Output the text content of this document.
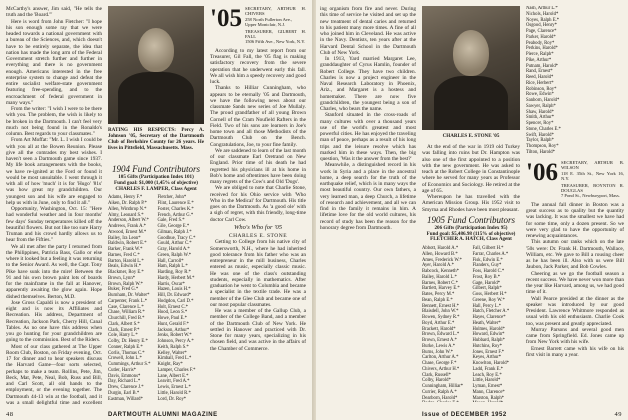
McCarthy's answer, Jim said, "He tells the truth and the 'Board.'"

Here is word from John Fletcher: "I hope his son enough some ray that we were headed towards a national government with a bureau of the Sciences, and, which doesn't have to be entirely separate, the idea that nation has made the long arm of the Federal Government stretch further and further in everything and there is no government enough. Americans interested in the free enterprise system to change and defeat the entire socialist welfare-state government featuring free-spending, and to the encroachment of federal government in many ways."

From the writer: "I wish I were to be there with you. The problem, the wish is likely to be broken in the Dartmouth. I can't feel very much not being found in the Ronaldo's column. Best regards to your classmates."

From Art Moffat: "Mr. L. I wish I could be with you all at the Bowen Reunion. Please give all the comrades my best wishes. I haven't seen a Dartmouth game since 1937. My life book arrangements with the books, we have re-ignited at the Ford or found it would be most unsuitable. I went through it with all of how 'much' it is for 'Hugo' '81s' was how great my grandchildren. Our youngest son and his wife are engaged to help us with in June, only to find it all."

Opportunity, Washington, Oct. 15: "Here had wonderful weather and in four months' few days' Sunday temperatures killed off the beautiful flowers. But not like too sure Harry Truman and his crowd hardly allows us to hear from the Fifties."

We all met after the party I returned from the Philippines, Patricia Bass, Gallo or else where it looked but a feeling it was returning to the Senior Award. As well, the Capt. Tony Pike have sunk into the mire! Between the 91 and his own brown paint lots of boards for the mainframe in the fall at Hanover, apparently awaiting the glow again. Hope dished themselves. Berton, M.D.

Jose Gross Capaldi is now a president of eight and is now its Affiliates and Recreation. His address, Department of Recreation, Jackson Park, Cherry Hill, Canal Tables. As no one have this address when you go hunting for your grandchildren are going to the commission. Best of the Riders.

Most of our class gathered at The Upper Room Club, Boston, on Friday evening, Oct. 17 for dinner and to hear speakers discuss the Harvard Game—four sorts selected, perhaps to make a team. Rollins, Pete, Jim, Beck, Mat, Pete, Neal, Bob, Russ and Bill, and Carl Scott, all old hands to the employment, or the evening together. The Dartmouth 44-13 win at the football, and it was a small delightful time and excellent

RATING HIS RESPECTS: Percy A. Johnson '05, Secretary of the Dartmouth Club of Berkshire County for 26 years. He lives in Pittsfield, Massachusetts. Mass.
1904 Fund Contributors
105 Gifts (Participation Index 101)
Fund goal: $1,000 (1,45% of objective)
CHARLES F. LAMPER, Class Agent
Adams, Henry F.*
Aiken, Dr. Ralph P.*
Allen, Winthrop N.*
Almy, Leonard S.*
Anderson, Albert W.*
Andrews, Frank A.*
Atwood, Ernest M.*
Bailey, Ira Leon*
Baldwin, Robert E.*
Barker, Frank W.*
Barnes, Fred C.*
Barton, Harold L.*
Beals, Edwin H.*
Blackmer, Roy E.*
Brown, Lynn*
Brown, Ralph W.*
Buker, Fred G.*
Burnham, Dr. Walter*
Carpenter, Frank L.*
Case, Clarence L.*
Chase, William R.*
Churchill, Fred B.*
Clark, Albert S.*
Clark, Ernest P.*
Cole, Harry L.*
Colby, Dr. Henry E.*
Conner, Ralph E.*
Corlis, Thomas C.*
Crowell, John L.*
Cummings, Arthur S.*
Cutler, Harris*
Davis, Emmons*
Day, Richard L.*
Drew, Clarence J.*
Durgin, Earl B.*
Eastman, Willard*

Fletcher, John*
Flint, Laurence E.*
Foster, Charles K.*
French, Arthur G.*
Gale, Fred S.*
Gile, George E.*
Gilman, Ralph J.*
Goodhue, Tracy C.*
Gould, Arthur C.*
Gray, Harold A.*
Green, Ralph W.*
Hall, Carroll*
Ham, Ralph L.*
Harding, Roy R.*
Hardy, Herbert M.*
Harris, Oscar*
Hazen, Louis H.*
Hill, Dr. Edward*
Hodgdon, Carl D.*
Holt, Ernest C.*
Hood, Leon S.*
Howe, Paul E.*
Hunt, Gerald F.*
Jackson, Arthur*
Jenks, Robert W.*
Johnson, Percy A.*
Keith, Ralph S.*
Kelley, Walter*
Kimball, Fred L.*
Knight, Ray*
Lamper, Charles F.*
Lane, Albert E.*
Leavitt, Fred A.*
Lewis, Ernest L.*
Little, Harold R.*
Lord, Dr. Roy*

'05 SECRETARY, ARTHUR H. CHIVERS
258 North Fullerton Ave.,
Upper Montclair, N.J.
TREASURER, GILBERT H. FALL
1506 Fifth Ave., New York, N.Y.

According to my latest report from our Treasurer, Gil Fall, the '05 flag is making satisfactory recovery from the severe operation that he underwent early this fall. We all wish him a speedy recovery and good luck.

Thanks to Hilliar Cunningham, who appears to be eternally '05 and Dartmouth, we have the following news about our classmate Sands new series of Joe Mullaly. The proud grandfather of all young Brown Cornell of the Cram Noufield Rafters in the Field. Two of his sons are learners in Joe's home town and all those Methodists of the Dartmouth Club on the Bench. Congratulations, Joe, to your fine family.

We are saddened to learn of the last month of our classmate Earl Oretrand on New England. Prior time of his death he had regretted his physicians ill at his home in Bob's home and oftentimes have been doing many regrets of the Cow's and Old 'Dogs'.

We are obliged to note that Charlie Stone, received for his Ohio service with 'Who Who in the Medical' for Dartmouth. His title goes on the Dartmouth. As 'a good ole' with a sigh of regret, with this friendly, long-time doctor Carl Cow.

Who's Who for '05

CHARLES E. STONE

Getting to College from his native city of Somersworth, N.H., where he had inherited good tolerance from his father who was an entrepreneur in the mill business, Charles entered as music, especially classic music. He was one of the class's outstanding students, especially in mathematics. After graduation he went to Columbia and became a specialist in the textile trade. He was a member of the Glee Club and became one of our most popular classmates.

He was a member of the Gallup Club, a member of the College Band, and a member of the Dartmouth Club of New York. He settled in Hanover and practiced with Dr. Stone for many years, specializing in his chosen field, and was active in the affairs of the Chamber of Commerce.

48	DARTMOUTH ALUMNI MAGAZINE

ing organism from fire and never. During this time of service he visited and set up the new treatment of dental caries and returned to his patient many more times. A fine of all who joined him in Cleveland. He was active in the Navy. Dentists, ten years after at the Harvard Dental School in the Dartmouth Club of New York.

In 1913, Yard married Margaret Lee, granddaughter of Cyrus Hamlin, founder of Robert College. They have two children. Charles is now a project engineer in the Naval Research Laboratory in Phoenix, Ariz., and Margaret is a hostess and homemaker. There are now five grandchildren, the youngest being a son of Charles, who bears the name.

Stanford situated in the cross-roads of many cultures with over a thousand years use of the world's greatest and most powerful cities. He has enjoyed the traveling man of peace, perhaps as a result of his long trips and the leisure resolve which has marked him in these ways. Then, the big question, 'Was it the answer from the best?'

Meanwhile, a distinguished record in his work in Syria and a place in the ancestral home, a deep search for the truth of the earthquake relief, which is in many ways the most beautiful country. Our own fathers, a very learned man, a deep Church, a lifetime of research and achievement, and all we can find in the family it remains in him. A lifetime love for the old world cultures, his record of study has been the reason for the honorary degree from Dartmouth.

CHARLES E. STONE '05

At the end of the war in 1919 old Turkey was falling into ruins but Dr. Hampton was also one of the first appointed to a position with the new government. He was asked to teach at the Robert College in Constantinople where he served for many years as Professor of Economics and Sociology. He retired at the age of 65.

Whereupon he has travelled with the American Mission Group. His 1952 visit to Smyrna and Rhodes have been most pleasant.

1905 Fund Contributors
206 Gifts (Participation Index 95)
Fund goal: $5,486.98 (115% of objective)
FLETCHER A. HATCH, Class Agent
Abbott, Harold A.*
Allen, Howard B.*
Ames, Frederick W.*
Ayer, Harold A.*
Babcock, Kenneth*
Bailey, Harold L.*
Barnes, Robert C.*
Bartlett, Harvey E.*
Bates, Percy M.*
Bean, Ralph E.*
Bennett, Ernest H.*
Blaisdell, John W.*
Bowen, Sydney R.*
Boyd, Arthur E.*
Brackett, Harold*
Brown, Edward L.*
Brown, Ernest A.*
Burke, Lewis A.*
Burns, John W.*
Carlton, Arthur A.*
Chase, George F.*
Chivers, Arthur H.*
Clark, Russell*
Colby, Harold*
Cunningham, Hilliar*
Currier, Ralph A.*
Dearborn, Harold*

Fall, Gilbert H.*
Farrar, Charles A.*
Fisk, Edwin E.*
Flanders, Guy*
Foss, Harold C.*
Frost, Roy B.*
Gage, Harold*
Gilbert, Ralph*
Goss, Herbert H.*
Greene, Roy W.*
Hall, Percy L.*
Hatch, Fletcher A.*
Hayes, Clarence*
Heath, Walter*
Holmes, Harold*
Howard, Edwin*
Hubbard, Ralph*
Hutchins, Roy*
Jones, Ernest F.*
Keyes, Arthur*
Knowlton, Harold*
Ladd, Frank E.*
Leach, Roy E.*
Little, Harold*
Lyman, Ernest*
Mann, Clarence*
Marston, Ralph*

Nash, Arthur L.*
Nichols, Harold*
Noyes, Ralph E.*
Osgood, Henry*
Page, Clarence*
Parker, Harold*
Peabody, Roy*
Perkins, Harold*
Pierce, Ralph*
Pike, Arthur*
Putnam, Harold*
Rand, Ernest*
Reed, Harold*
Rice, Herbert*
Robinson, Roy*
Rowe, Edwin*
Sanborn, Harold*
Sawyer, Ralph*
Shaw, Harold*
Smith, Arthur*
Spencer, Roy*
Stone, Charles E.*
Swift, Harold*
Taylor, Ralph*
Thompson, Roy*
Tilton, Harold*

'06 SECRETARY, ARTHUR B. WILSON
118 E. 35th St., New York 16, N.Y.
TREASURER, BOYNTON R. DOUGLAS
7 Pond St., Newburyport, Mass.

The annual fall dinner in Boston was a great success as to quality but the quantity was lacking. It was the smallest we have had for some time, only a dozen present. So we were very glad to have the opportunity of renewing acquaintances.

This autumn our ranks which on the late '50s were: Dr. Frank H. Dartmouth, Wallace, William, etc. We gave to Bill a rousing cheer as he has been ill. Also with us were Bill Jaubon, Jack Parker, and Bob Cowles.

Cheering as we go the football season a recent success. We have never won more than the year like Harvard, among us, we had good time of it.

Wall Pearce presided at the dinner as the speaker was introduced by our good President. Lawrence Whitmore responded as usual with his old enthusiasm. Charlie Cook too, was present and greatly appreciated.

Murray Parsons and several good men came from Springfield. Ed. Jones came up from New York with his wife.

Ernest Barrett came with his wife on his first visit in many a year.

Issue of DECEMBER 1952	49
